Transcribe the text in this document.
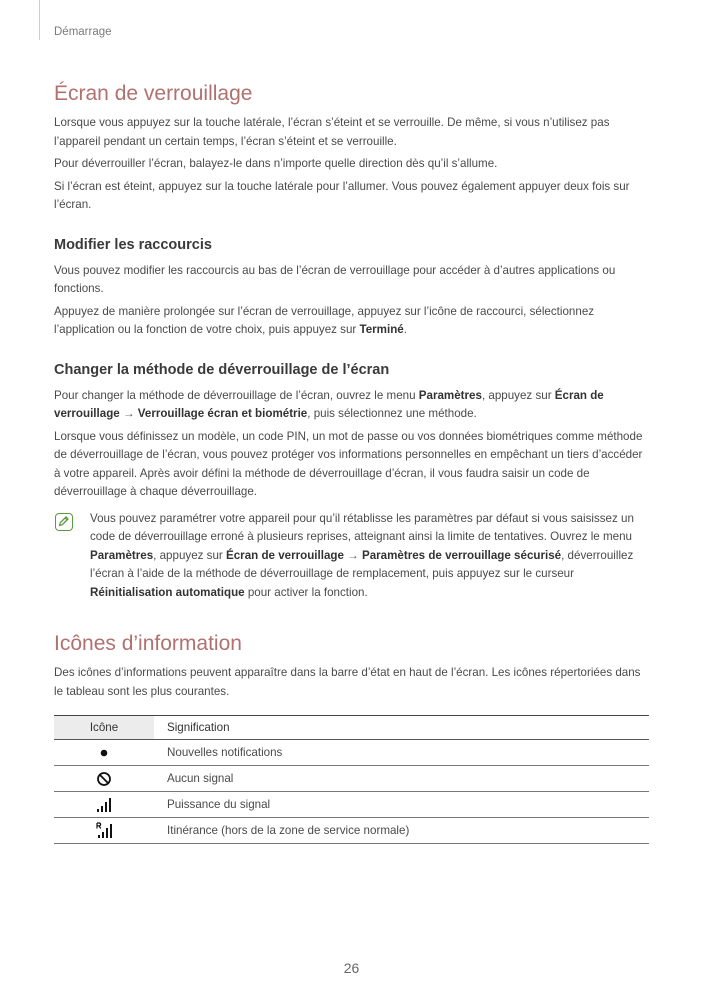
Démarrage
Écran de verrouillage

Lorsque vous appuyez sur la touche latérale, l’écran s’éteint et se verrouille. De même, si vous n’utilisez pas l’appareil pendant un certain temps, l’écran s’éteint et se verrouille.

Pour déverrouiller l’écran, balayez-le dans n’importe quelle direction dès qu’il s’allume.

Si l’écran est éteint, appuyez sur la touche latérale pour l’allumer. Vous pouvez également appuyer deux fois sur l’écran.

Modifier les raccourcis

Vous pouvez modifier les raccourcis au bas de l’écran de verrouillage pour accéder à d’autres applications ou fonctions.

Appuyez de manière prolongée sur l’écran de verrouillage, appuyez sur l’icône de raccourci, sélectionnez l’application ou la fonction de votre choix, puis appuyez sur Terminé.

Changer la méthode de déverrouillage de l’écran

Pour changer la méthode de déverrouillage de l’écran, ouvrez le menu Paramètres, appuyez sur Écran de verrouillage → Verrouillage écran et biométrie, puis sélectionnez une méthode.

Lorsque vous définissez un modèle, un code PIN, un mot de passe ou vos données biométriques comme méthode de déverrouillage de l’écran, vous pouvez protéger vos informations personnelles en empêchant un tiers d’accéder à votre appareil. Après avoir défini la méthode de déverrouillage d’écran, il vous faudra saisir un code de déverrouillage à chaque déverrouillage.

Vous pouvez paramétrer votre appareil pour qu’il rétablisse les paramètres par défaut si vous saisissez un code de déverrouillage erroné à plusieurs reprises, atteignant ainsi la limite de tentatives. Ouvrez le menu Paramètres, appuyez sur Écran de verrouillage → Paramètres de verrouillage sécurisé, déverrouillez l’écran à l’aide de la méthode de déverrouillage de remplacement, puis appuyez sur le curseur Réinitialisation automatique pour activer la fonction.

Icônes d’information

Des icônes d’informations peuvent apparaître dans la barre d’état en haut de l’écran. Les icônes répertoriées dans le tableau sont les plus courantes.

Icône	Signification
	Nouvelles notifications
	Aucun signal
	Puissance du signal
	Itinérance (hors de la zone de service normale)
26
